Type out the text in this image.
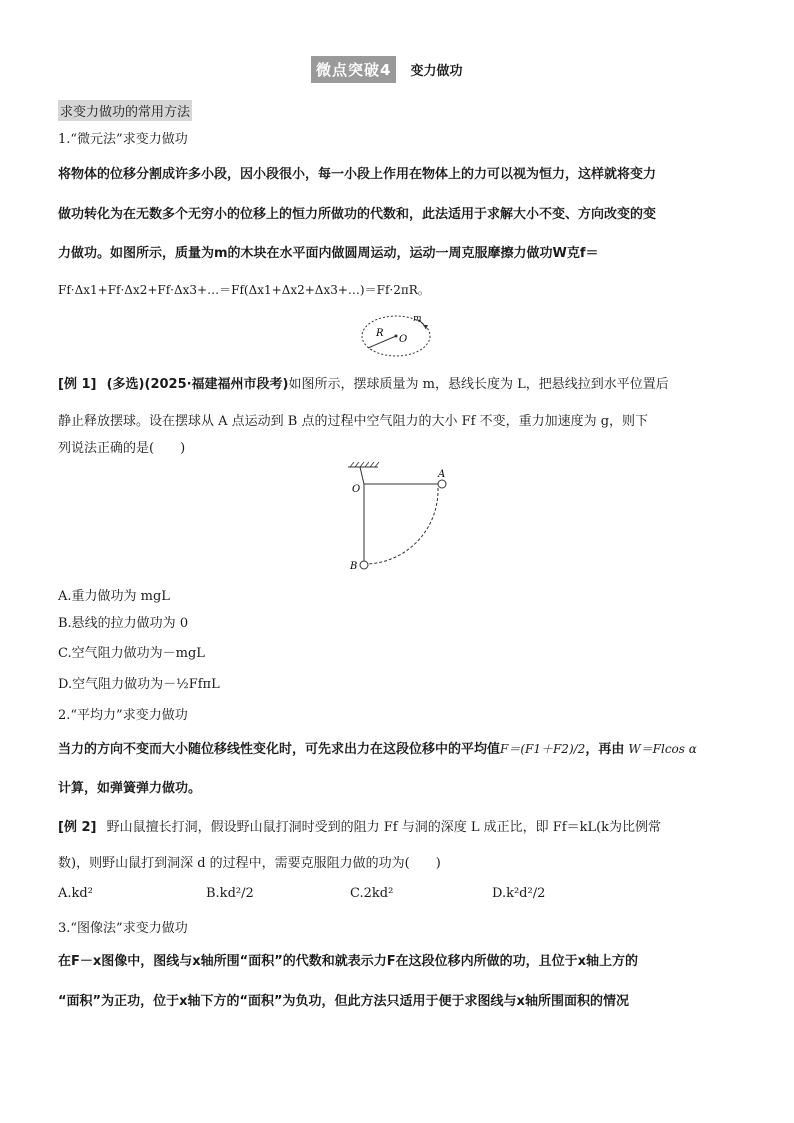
微点突破4	变力做功
求变力做功的常用方法
1.“微元法”求变力做功
将物体的位移分割成许多小段，因小段很小，每一小段上作用在物体上的力可以视为恒力，这样就将变力
做功转化为在无数多个无穷小的位移上的恒力所做功的代数和，此法适用于求解大小不变、方向改变的变
力做功。如图所示，质量为m的木块在水平面内做圆周运动，运动一周克服摩擦力做功W克f＝
Ff·Δx1+Ff·Δx2+Ff·Δx3+…＝Ff(Δx1+Δx2+Δx3+…)＝Ff·2πR。
R
O
m
[例 1] (多选)(2025·福建福州市段考)如图所示，摆球质量为 m，悬线长度为 L，把悬线拉到水平位置后
静止释放摆球。设在摆球从 A 点运动到 B 点的过程中空气阻力的大小 Ff 不变，重力加速度为 g，则下
列说法正确的是(　　)
O
A
B
A.重力做功为 mgL
B.悬线的拉力做功为 0
C.空气阻力做功为－mgL
D.空气阻力做功为－½FfπL
2.“平均力”求变力做功
当力的方向不变而大小随位移线性变化时，可先求出力在这段位移中的平均值F＝(F1＋F2)/2，再由 W＝Flcos α
计算，如弹簧弹力做功。
[例 2] 野山鼠擅长打洞，假设野山鼠打洞时受到的阻力 Ff 与洞的深度 L 成正比，即 Ff＝kL(k为比例常
数)，则野山鼠打到洞深 d 的过程中，需要克服阻力做的功为(　　)
A.kd²	B.kd²/2	C.2kd²	D.k²d²/2
3.“图像法”求变力做功
在F－x图像中，图线与x轴所围“面积”的代数和就表示力F在这段位移内所做的功，且位于x轴上方的
“面积”为正功，位于x轴下方的“面积”为负功，但此方法只适用于便于求图线与x轴所围面积的情况
